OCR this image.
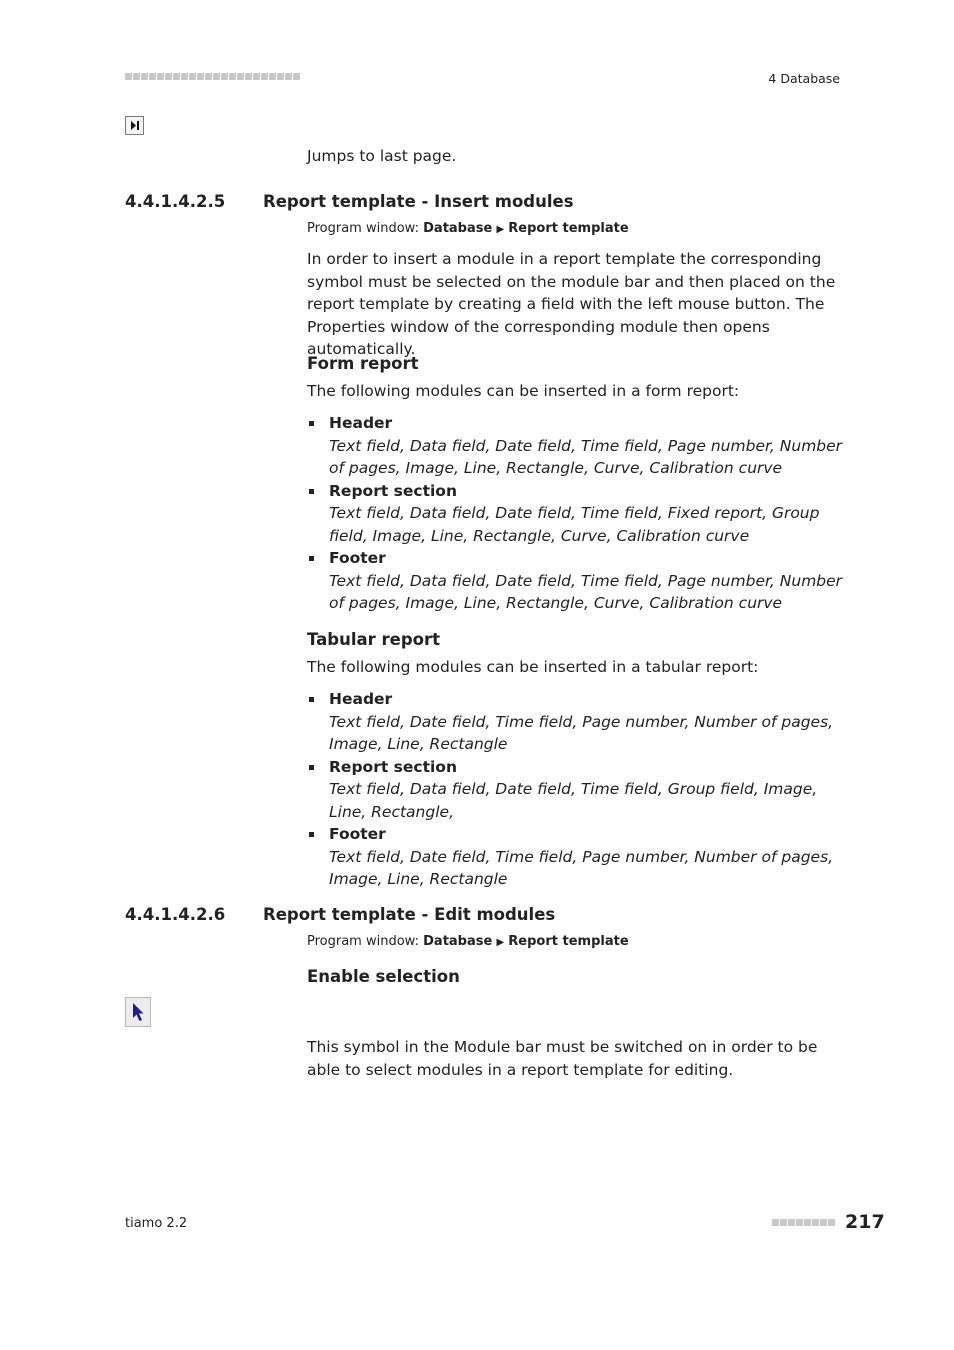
4 Database
Jumps to last page.
4.4.1.4.2.5 Report template - Insert modules
Program window: Database ▶ Report template
In order to insert a module in a report template the corresponding symbol must be selected on the module bar and then placed on the report template by creating a field with the left mouse button. The Properties window of the corresponding module then opens automatically.
Form report
The following modules can be inserted in a form report:
Header
Text field, Data field, Date field, Time field, Page number, Number of pages, Image, Line, Rectangle, Curve, Calibration curve
Report section
Text field, Data field, Date field, Time field, Fixed report, Group field, Image, Line, Rectangle, Curve, Calibration curve
Footer
Text field, Data field, Date field, Time field, Page number, Number of pages, Image, Line, Rectangle, Curve, Calibration curve
Tabular report
The following modules can be inserted in a tabular report:
Header
Text field, Date field, Time field, Page number, Number of pages, Image, Line, Rectangle
Report section
Text field, Data field, Date field, Time field, Group field, Image, Line, Rectangle,
Footer
Text field, Date field, Time field, Page number, Number of pages, Image, Line, Rectangle
4.4.1.4.2.6 Report template - Edit modules
Program window: Database ▶ Report template
Enable selection
This symbol in the Module bar must be switched on in order to be able to select modules in a report template for editing.
tiamo 2.2	217
